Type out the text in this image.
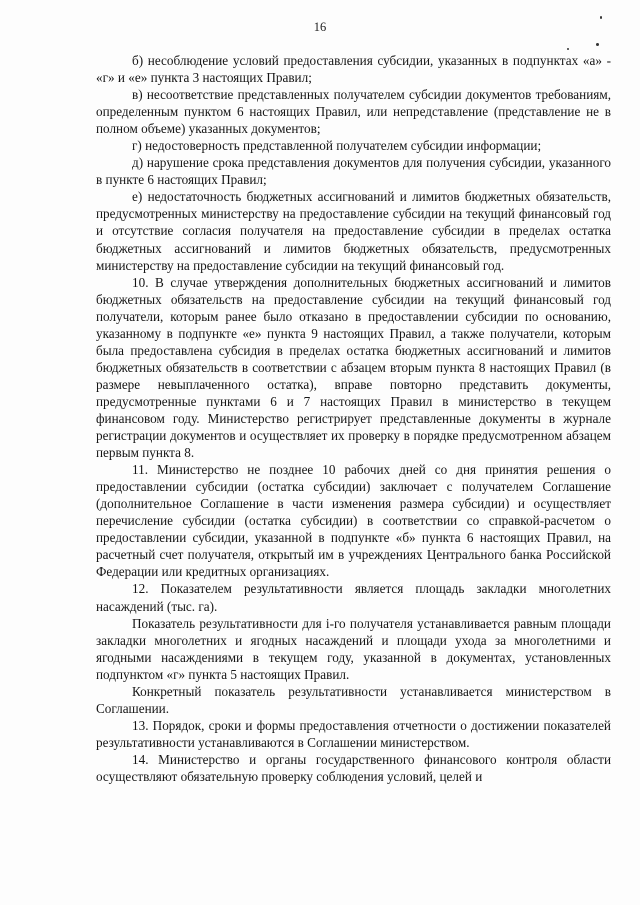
16

б) несоблюдение условий предоставления субсидии, указанных в подпунктах «а» - «г» и «е» пункта 3 настоящих Правил;

в) несоответствие представленных получателем субсидии документов требованиям, определенным пунктом 6 настоящих Правил, или непредставление (представление не в полном объеме) указанных документов;

г) недостоверность представленной получателем субсидии информации;

д) нарушение срока представления документов для получения субсидии, указанного в пункте 6 настоящих Правил;

е) недостаточность бюджетных ассигнований и лимитов бюджетных обязательств, предусмотренных министерству на предоставление субсидии на текущий финансовый год и отсутствие согласия получателя на предоставление субсидии в пределах остатка бюджетных ассигнований и лимитов бюджетных обязательств, предусмотренных министерству на предоставление субсидии на текущий финансовый год.

10. В случае утверждения дополнительных бюджетных ассигнований и лимитов бюджетных обязательств на предоставление субсидии на текущий финансовый год получатели, которым ранее было отказано в предоставлении субсидии по основанию, указанному в подпункте «е» пункта 9 настоящих Правил, а также получатели, которым была предоставлена субсидия в пределах остатка бюджетных ассигнований и лимитов бюджетных обязательств в соответствии с абзацем вторым пункта 8 настоящих Правил (в размере невыплаченного остатка), вправе повторно представить документы, предусмотренные пунктами 6 и 7 настоящих Правил в министерство в текущем финансовом году. Министерство регистрирует представленные документы в журнале регистрации документов и осуществляет их проверку в порядке предусмотренном абзацем первым пункта 8.

11. Министерство не позднее 10 рабочих дней со дня принятия решения о предоставлении субсидии (остатка субсидии) заключает с получателем Соглашение (дополнительное Соглашение в части изменения размера субсидии) и осуществляет перечисление субсидии (остатка субсидии) в соответствии со справкой-расчетом о предоставлении субсидии, указанной в подпункте «б» пункта 6 настоящих Правил, на расчетный счет получателя, открытый им в учреждениях Центрального банка Российской Федерации или кредитных организациях.

12. Показателем результативности является площадь закладки многолетних насаждений (тыс. га).

Показатель результативности для i-го получателя устанавливается равным площади закладки многолетних и ягодных насаждений и площади ухода за многолетними и ягодными насаждениями в текущем году, указанной в документах, установленных подпунктом «г» пункта 5 настоящих Правил.

Конкретный показатель результативности устанавливается министерством в Соглашении.

13. Порядок, сроки и формы предоставления отчетности о достижении показателей результативности устанавливаются в Соглашении министерством.

14. Министерство и органы государственного финансового контроля области осуществляют обязательную проверку соблюдения условий, целей и
